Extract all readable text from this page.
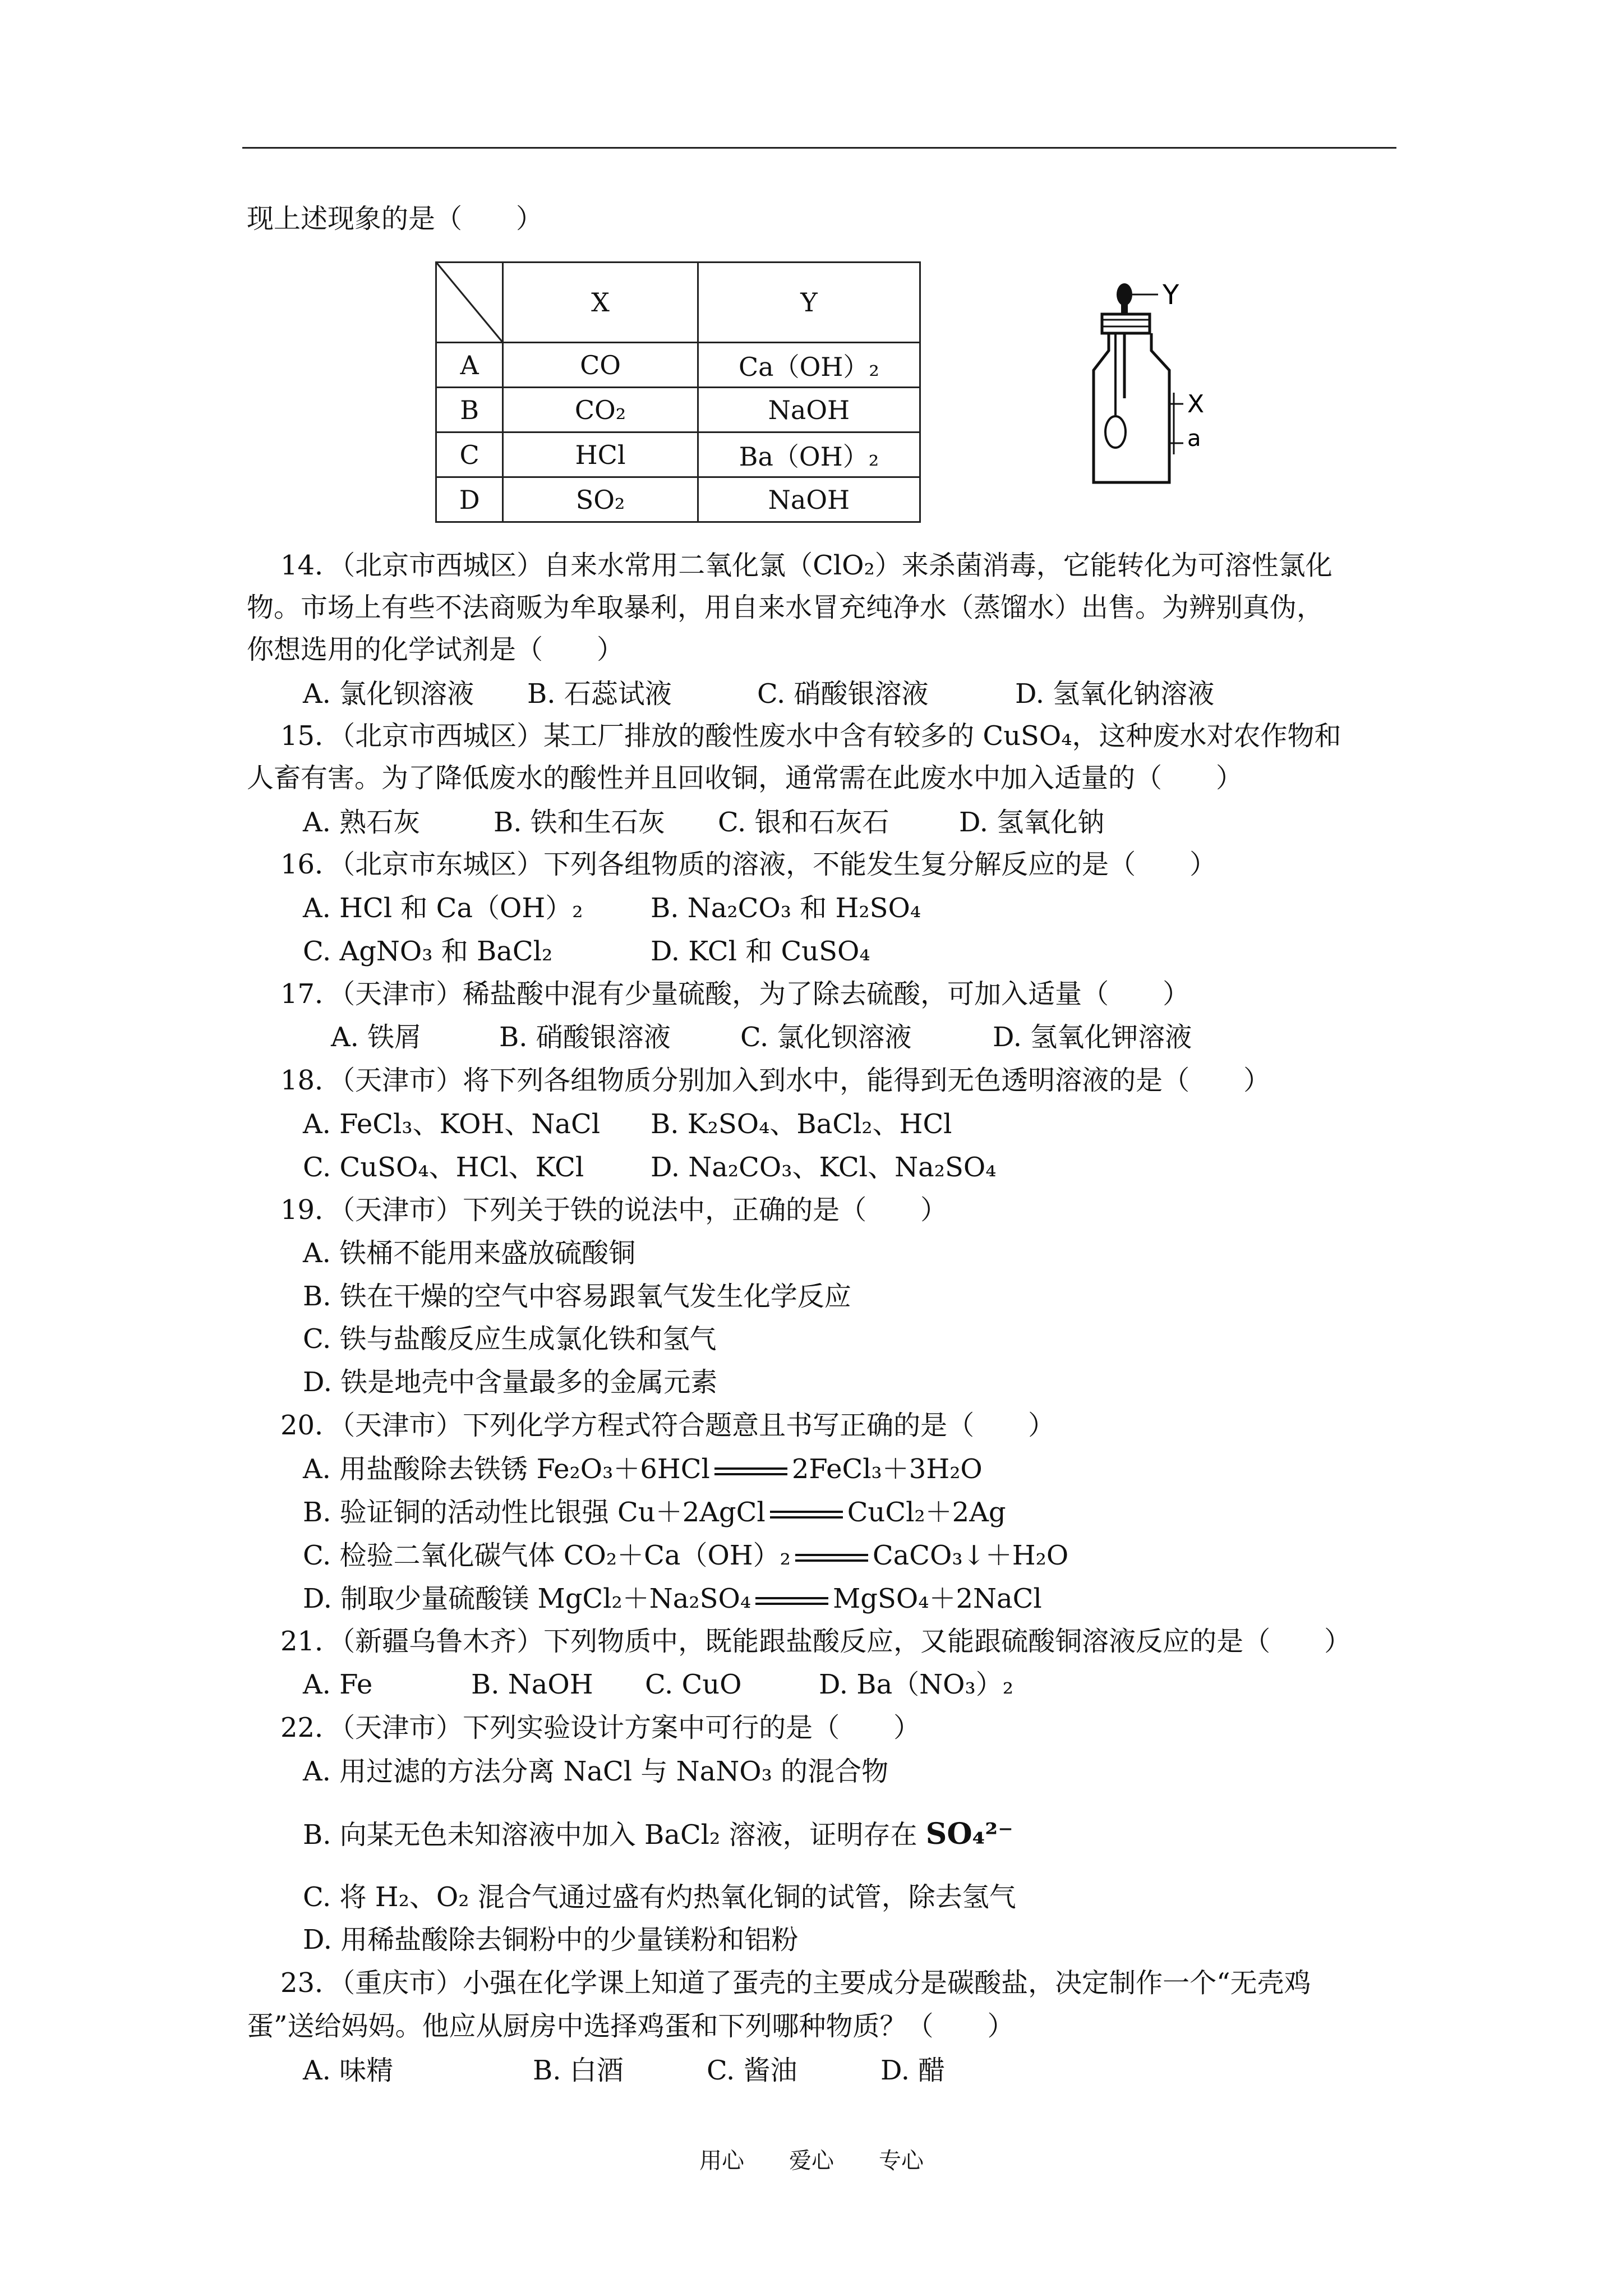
现上述现象的是（　　）
	X	Y
A	CO	Ca（OH）₂
B	CO₂	NaOH
C	HCl	Ba（OH）₂
D	SO₂	NaOH
Y
X
a
14．（北京市西城区）自来水常用二氧化氯（ClO₂）来杀菌消毒，它能转化为可溶性氯化
物。市场上有些不法商贩为牟取暴利，用自来水冒充纯净水（蒸馏水）出售。为辨别真伪，
你想选用的化学试剂是（　　）
A. 氯化钡溶液 B. 石蕊试液	C. 硝酸银溶液	D. 氢氧化钠溶液
15．（北京市西城区）某工厂排放的酸性废水中含有较多的 CuSO₄，这种废水对农作物和
人畜有害。为了降低废水的酸性并且回收铜，通常需在此废水中加入适量的（　　）
A. 熟石灰	B. 铁和生石灰 C. 银和石灰石	D. 氢氧化钠
16．（北京市东城区）下列各组物质的溶液，不能发生复分解反应的是（　　）
A. HCl 和 Ca（OH）₂	B. Na₂CO₃ 和 H₂SO₄
C. AgNO₃ 和 BaCl₂	D. KCl 和 CuSO₄
17．（天津市）稀盐酸中混有少量硫酸，为了除去硫酸，可加入适量（　　）
A. 铁屑	B. 硝酸银溶液	C. 氯化钡溶液	D. 氢氧化钾溶液
18．（天津市）将下列各组物质分别加入到水中，能得到无色透明溶液的是（　　）
A. FeCl₃、KOH、NaCl B. K₂SO₄、BaCl₂、HCl
C. CuSO₄、HCl、KCl D. Na₂CO₃、KCl、Na₂SO₄
19．（天津市）下列关于铁的说法中，正确的是（　　）
A. 铁桶不能用来盛放硫酸铜
B. 铁在干燥的空气中容易跟氧气发生化学反应
C. 铁与盐酸反应生成氯化铁和氢气
D. 铁是地壳中含量最多的金属元素
20．（天津市）下列化学方程式符合题意且书写正确的是（　　）
A. 用盐酸除去铁锈 Fe₂O₃＋6HCl	2FeCl₃＋3H₂O
B. 验证铜的活动性比银强 Cu＋2AgCl	CuCl₂＋2Ag
C. 检验二氧化碳气体 CO₂＋Ca（OH）₂	CaCO₃↓＋H₂O
D. 制取少量硫酸镁 MgCl₂＋Na₂SO₄	MgSO₄＋2NaCl
21．（新疆乌鲁木齐）下列物质中，既能跟盐酸反应，又能跟硫酸铜溶液反应的是（　　）
A. Fe	B. NaOH C. CuO	D. Ba（NO₃）₂
22．（天津市）下列实验设计方案中可行的是（　　）
A. 用过滤的方法分离 NaCl 与 NaNO₃ 的混合物
B. 向某无色未知溶液中加入 BaCl₂ 溶液，证明存在 SO₄²⁻
C. 将 H₂、O₂ 混合气通过盛有灼热氧化铜的试管，除去氢气
D. 用稀盐酸除去铜粉中的少量镁粉和铝粉
23．（重庆市）小强在化学课上知道了蛋壳的主要成分是碳酸盐，决定制作一个“无壳鸡
蛋”送给妈妈。他应从厨房中选择鸡蛋和下列哪种物质？（　　）
A. 味精	B. 白酒	C. 酱油	D. 醋
用心 爱心 专心
